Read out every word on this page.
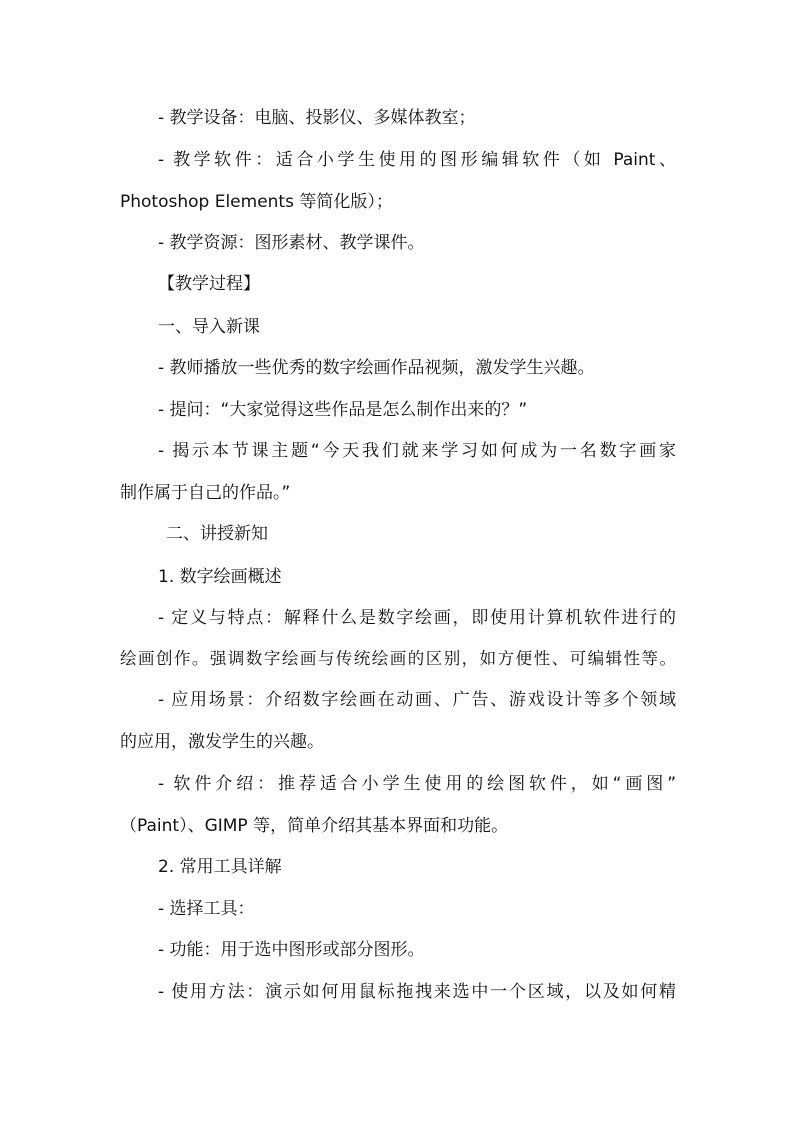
- 教学设备：电脑、投影仪、多媒体教室；
- 教学软件：适合小学生使用的图形编辑软件（如 Paint、
Photoshop Elements 等简化版）；
- 教学资源：图形素材、教学课件。
【教学过程】
一、导入新课
- 教师播放一些优秀的数字绘画作品视频，激发学生兴趣。
- 提问：“大家觉得这些作品是怎么制作出来的？”
- 揭示本节课主题“今天我们就来学习如何成为一名数字画家
制作属于自己的作品。”
二、讲授新知
1. 数字绘画概述
- 定义与特点：解释什么是数字绘画，即使用计算机软件进行的
绘画创作。强调数字绘画与传统绘画的区别，如方便性、可编辑性等。
- 应用场景：介绍数字绘画在动画、广告、游戏设计等多个领域
的应用，激发学生的兴趣。
- 软件介绍：推荐适合小学生使用的绘图软件，如“画图”
（Paint）、GIMP 等，简单介绍其基本界面和功能。
2. 常用工具详解
- 选择工具：
- 功能：用于选中图形或部分图形。
- 使用方法：演示如何用鼠标拖拽来选中一个区域，以及如何精
